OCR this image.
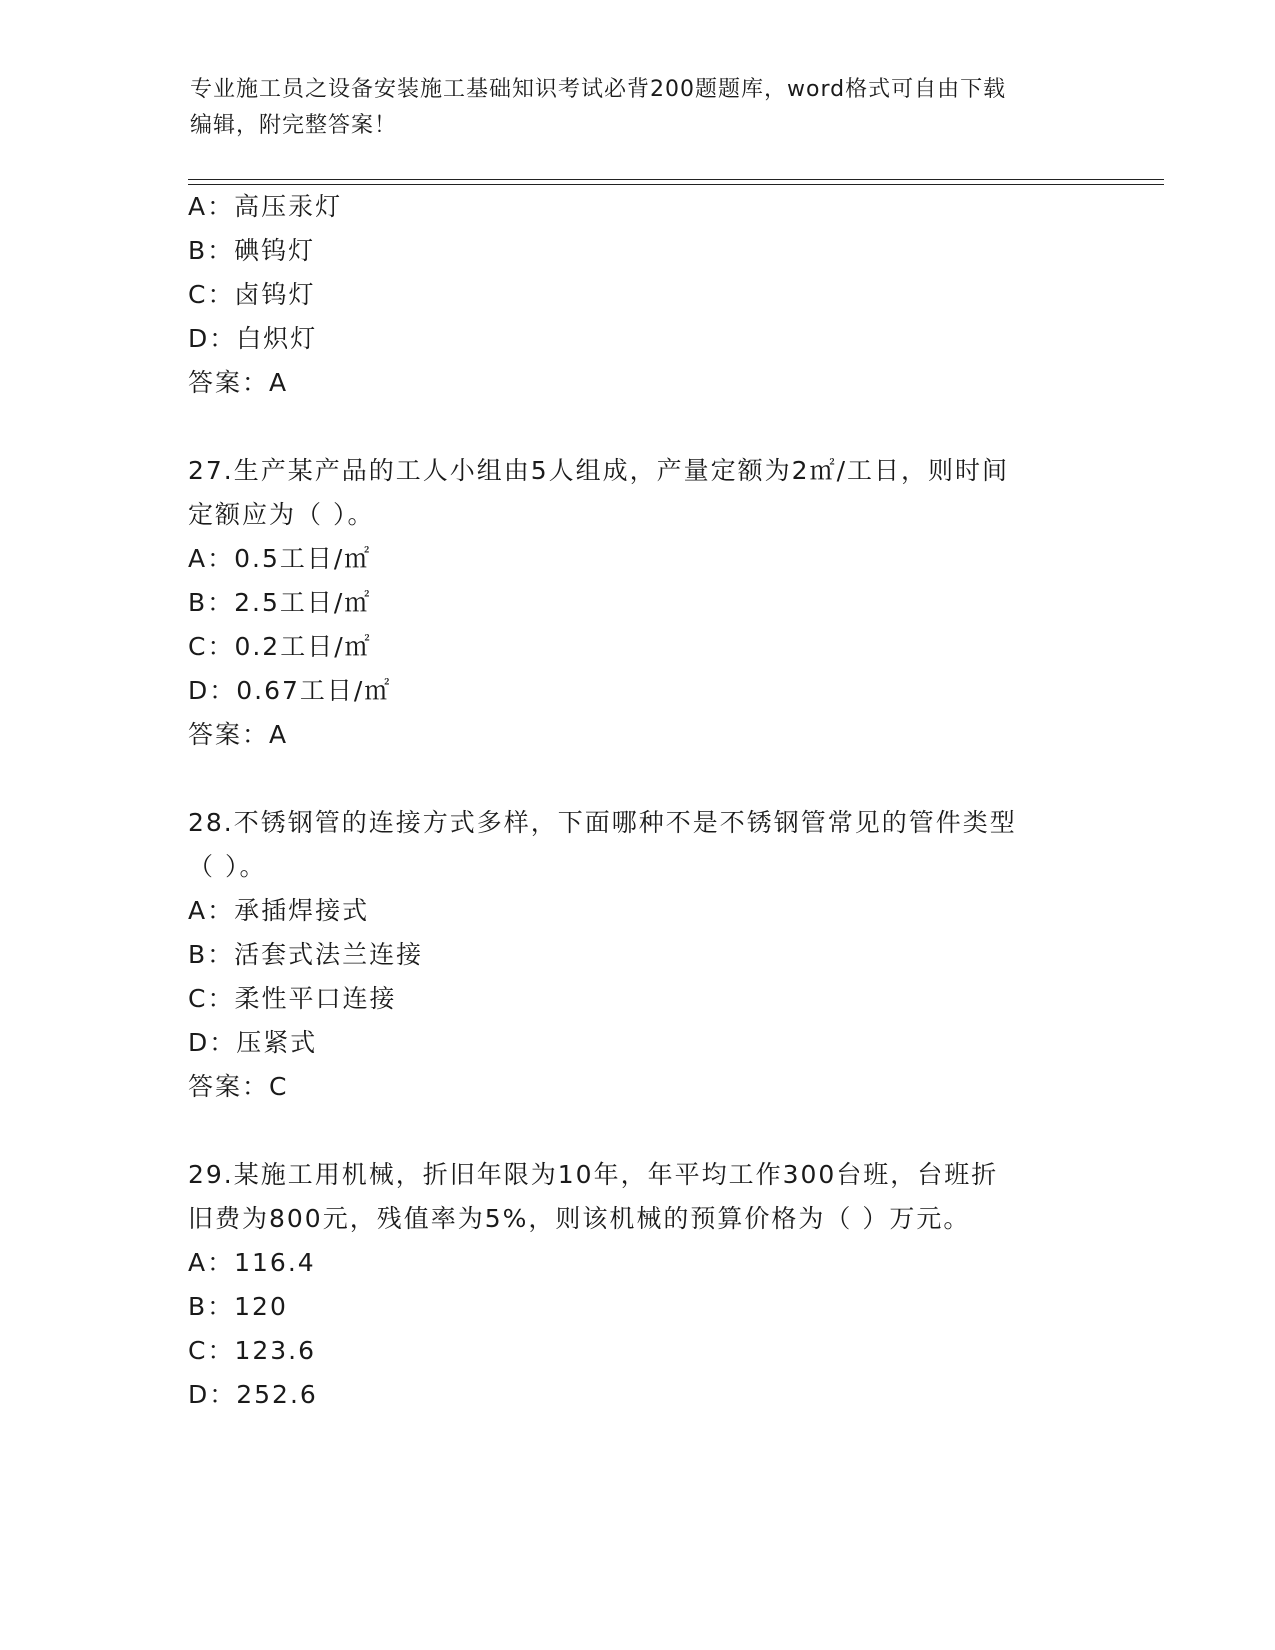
专业施工员之设备安装施工基础知识考试必背200题题库，word格式可自由下载
编辑，附完整答案！
A：高压汞灯
B：碘钨灯
C：卤钨灯
D：白炽灯
答案：A
27.生产某产品的工人小组由5人组成，产量定额为2㎡/工日，则时间
定额应为（ ）。
A：0.5工日/㎡
B：2.5工日/㎡
C：0.2工日/㎡
D：0.67工日/㎡
答案：A
28.不锈钢管的连接方式多样，下面哪种不是不锈钢管常见的管件类型
（ ）。
A：承插焊接式
B：活套式法兰连接
C：柔性平口连接
D：压紧式
答案：C
29.某施工用机械，折旧年限为10年，年平均工作300台班，台班折
旧费为800元，残值率为5%，则该机械的预算价格为（ ）万元。
A：116.4
B：120
C：123.6
D：252.6
